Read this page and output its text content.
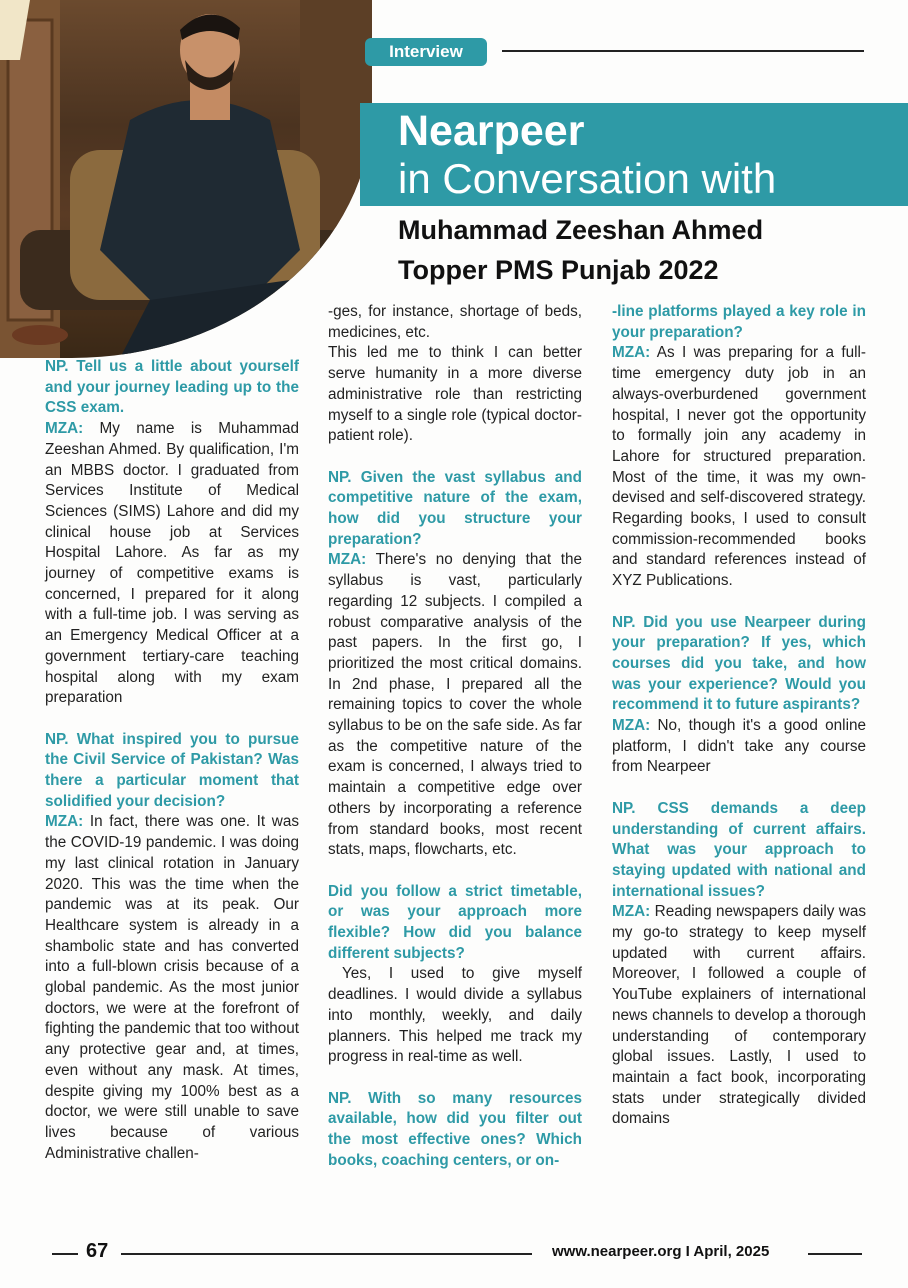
Interview
Nearpeer
in Conversation with
Muhammad Zeeshan Ahmed
Topper PMS Punjab 2022

NP. Tell us a little about yourself and your journey leading up to the CSS exam.

MZA: My name is Muhammad Zeeshan Ahmed. By qualification, I'm an MBBS doctor. I graduated from Services Institute of Medical Sciences (SIMS) Lahore and did my clinical house job at Services Hospital Lahore. As far as my journey of competitive exams is concerned, I prepared for it along with a full-time job. I was serving as an Emergency Medical Officer at a government tertiary-care teaching hospital along with my exam preparation

NP. What inspired you to pursue the Civil Service of Pakistan? Was there a particular moment that solidified your decision?

MZA: In fact, there was one. It was the COVID-19 pandemic. I was doing my last clinical rotation in January 2020. This was the time when the pandemic was at its peak. Our Healthcare system is already in a shambolic state and has converted into a full-blown crisis because of a global pandemic. As the most junior doctors, we were at the forefront of fighting the pandemic that too without any protective gear and, at times, even without any mask. At times, despite giving my 100% best as a doctor, we were still unable to save lives because of various Administrative challen-

-ges, for instance, shortage of beds, medicines, etc.

This led me to think I can better serve humanity in a more diverse administrative role than restricting myself to a single role (typical doctor-patient role).

NP. Given the vast syllabus and competitive nature of the exam, how did you structure your preparation?

MZA: There's no denying that the syllabus is vast, particularly regarding 12 subjects. I compiled a robust comparative analysis of the past papers. In the first go, I prioritized the most critical domains. In 2nd phase, I prepared all the remaining topics to cover the whole syllabus to be on the safe side. As far as the competitive nature of the exam is concerned, I always tried to maintain a competitive edge over others by incorporating a reference from standard books, most recent stats, maps, flowcharts, etc.

Did you follow a strict timetable, or was your approach more flexible? How did you balance different subjects?

Yes, I used to give myself deadlines. I would divide a syllabus into monthly, weekly, and daily planners. This helped me track my progress in real-time as well.

NP. With so many resources available, how did you filter out the most effective ones? Which books, coaching centers, or on-

-line platforms played a key role in your preparation?

MZA: As I was preparing for a full-time emergency duty job in an always-overburdened government hospital, I never got the opportunity to formally join any academy in Lahore for structured preparation. Most of the time, it was my own-devised and self-discovered strategy. Regarding books, I used to consult commission-recommended books and standard references instead of XYZ Publications.

NP. Did you use Nearpeer during your preparation? If yes, which courses did you take, and how was your experience? Would you recommend it to future aspirants?

MZA: No, though it's a good online platform, I didn't take any course from Nearpeer

NP. CSS demands a deep understanding of current affairs. What was your approach to staying updated with national and international issues?

MZA: Reading newspapers daily was my go-to strategy to keep myself updated with current affairs. Moreover, I followed a couple of YouTube explainers of international news channels to develop a thorough understanding of contemporary global issues. Lastly, I used to maintain a fact book, incorporating stats under strategically divided domains

67	www.nearpeer.org I April, 2025
